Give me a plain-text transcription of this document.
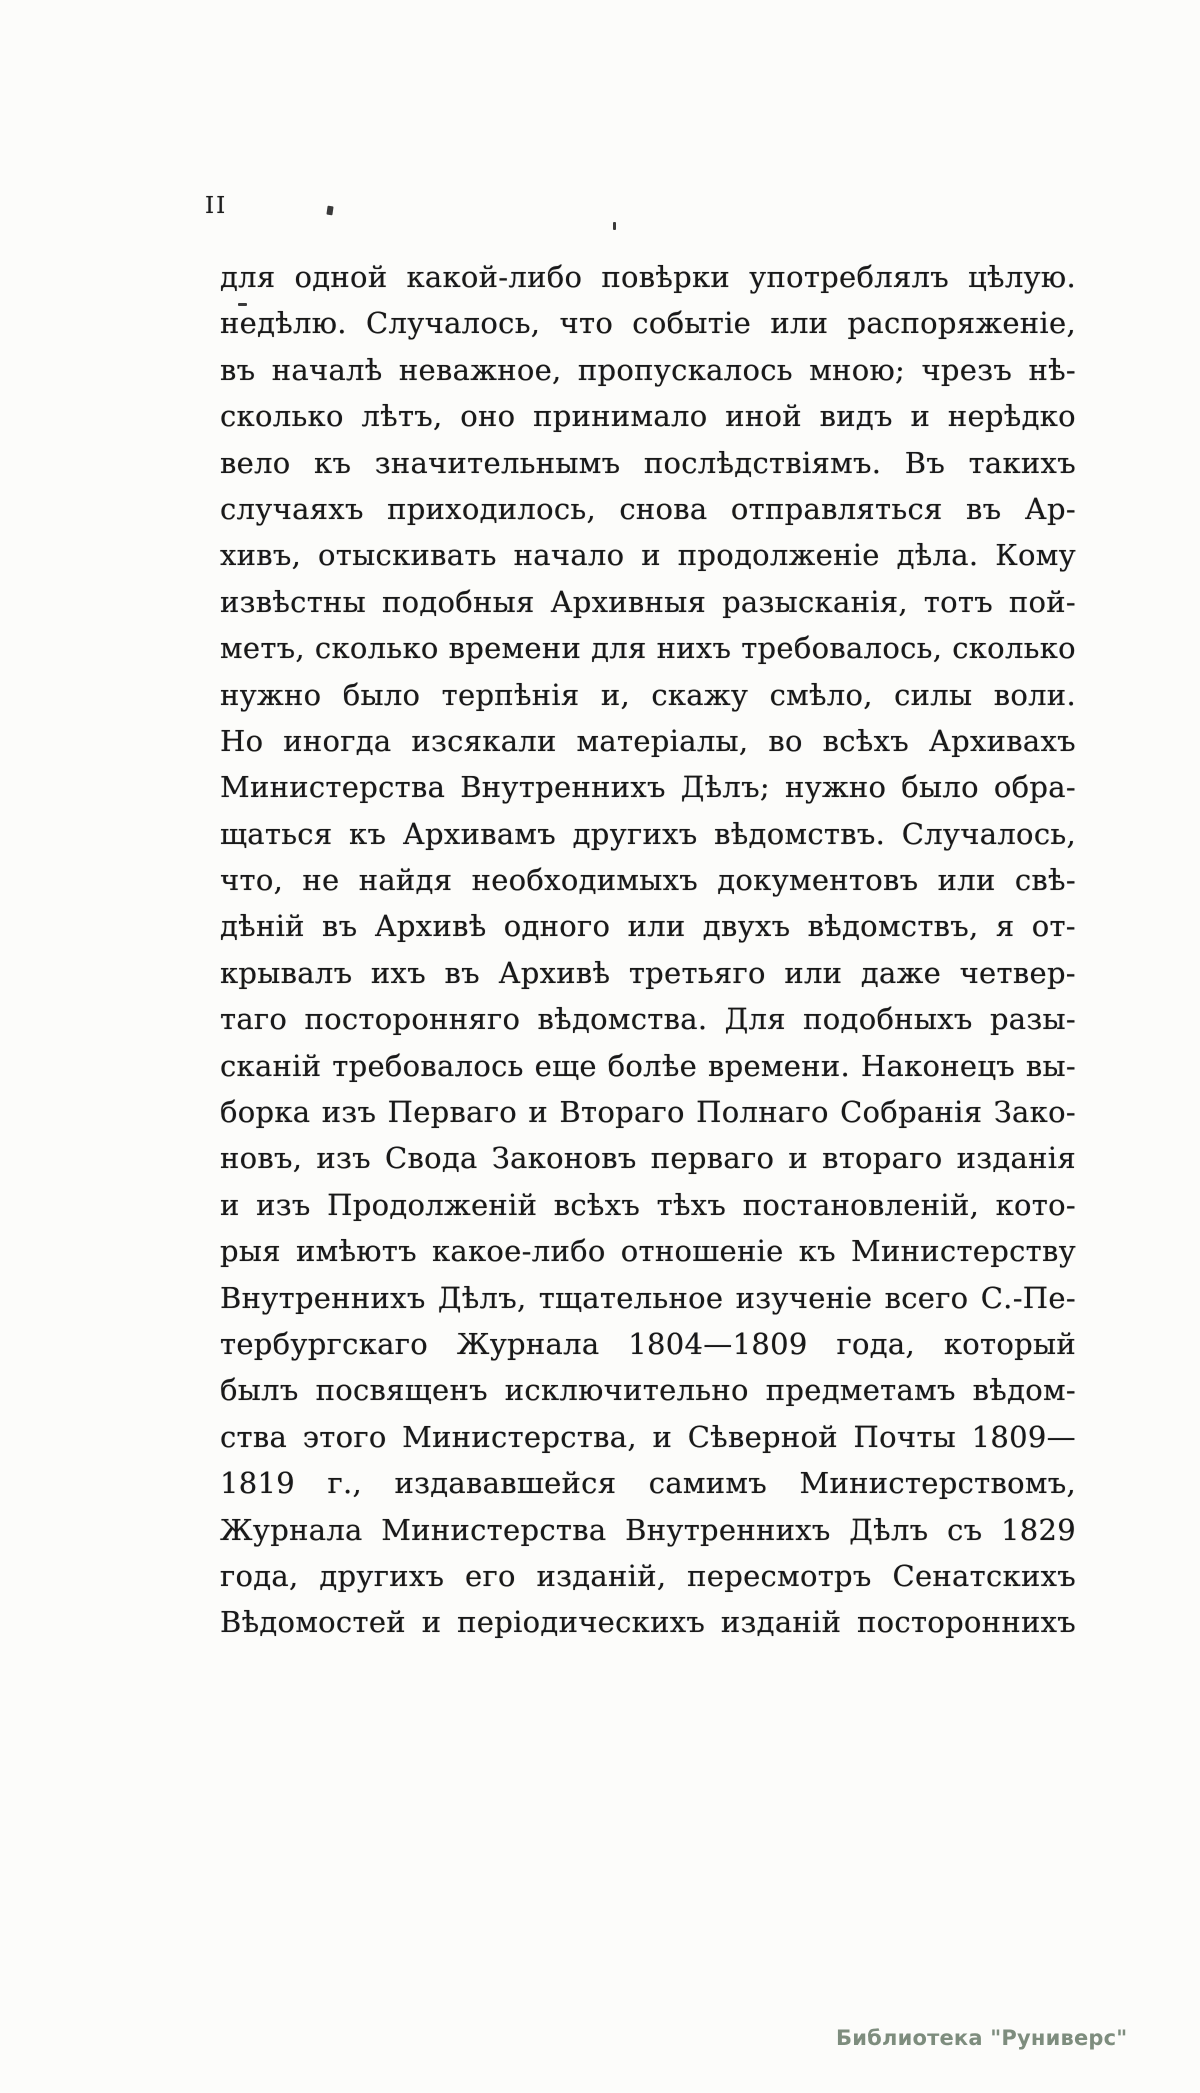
II
для одной какой-либо повѣрки употреблялъ цѣлую.
недѣлю. Случалось, что событіе или распоряженіе,
въ началѣ неважное, пропускалось мною; чрезъ нѣ-
сколько лѣтъ, оно принимало иной видъ и нерѣдко
вело къ значительнымъ послѣдствіямъ. Въ такихъ
случаяхъ приходилось, снова отправляться въ Ар-
хивъ, отыскивать начало и продолженіе дѣла. Кому
извѣстны подобныя Архивныя разысканія, тотъ пой-
метъ, сколько времени для нихъ требовалось, сколько
нужно было терпѣнія и, скажу смѣло, силы воли.
Но иногда изсякали матеріалы, во всѣхъ Архивахъ
Министерства Внутреннихъ Дѣлъ; нужно было обра-
щаться къ Архивамъ другихъ вѣдомствъ. Случалось,
что, не найдя необходимыхъ документовъ или свѣ-
дѣній въ Архивѣ одного или двухъ вѣдомствъ, я от-
крывалъ ихъ въ Архивѣ третьяго или даже четвер-
таго посторонняго вѣдомства. Для подобныхъ разы-
сканій требовалось еще болѣе времени. Наконецъ вы-
борка изъ Перваго и Втораго Полнаго Собранія Зако-
новъ, изъ Свода Законовъ перваго и втораго изданія
и изъ Продолженій всѣхъ тѣхъ постановленій, кото-
рыя имѣютъ какое-либо отношеніе къ Министерству
Внутреннихъ Дѣлъ, тщательное изученіе всего С.-Пе-
тербургскаго Журнала 1804—1809 года, который
былъ посвященъ исключительно предметамъ вѣдом-
ства этого Министерства, и Сѣверной Почты 1809—
1819 г., издававшейся самимъ Министерствомъ,
Журнала Министерства Внутреннихъ Дѣлъ съ 1829
года, другихъ его изданій, пересмотръ Сенатскихъ
Вѣдомостей и періодическихъ изданій постороннихъ
Библиотека "Руниверс"
